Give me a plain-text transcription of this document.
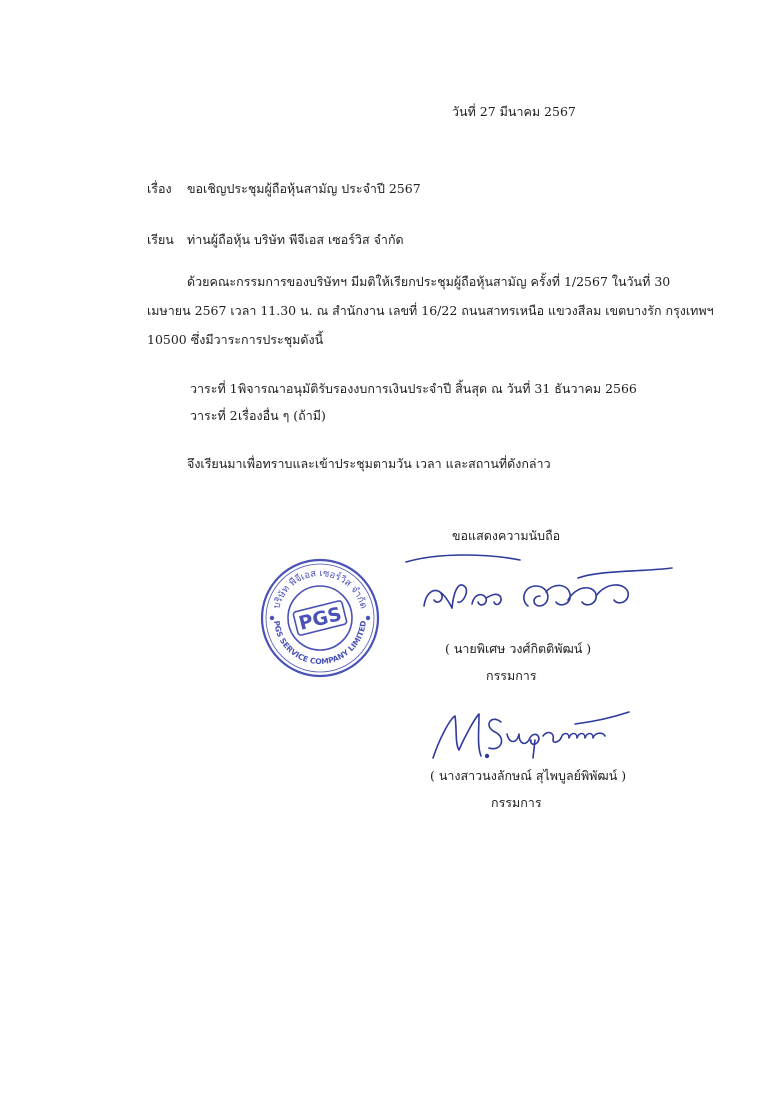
วันที่ 27 มีนาคม 2567
เรื่อง ขอเชิญประชุมผู้ถือหุ้นสามัญ ประจำปี 2567
เรียน ท่านผู้ถือหุ้น บริษัท พีจีเอส เซอร์วิส จำกัด
ด้วยคณะกรรมการของบริษัทฯ มีมติให้เรียกประชุมผู้ถือหุ้นสามัญ ครั้งที่ 1/2567 ในวันที่ 30
เมษายน 2567 เวลา 11.30 น. ณ สำนักงาน เลขที่ 16/22 ถนนสาทรเหนือ แขวงสีลม เขตบางรัก กรุงเทพฯ
10500 ซึ่งมีวาระการประชุมดังนี้
วาระที่ 1 พิจารณาอนุมัติรับรองงบการเงินประจำปี สิ้นสุด ณ วันที่ 31 ธันวาคม 2566
วาระที่ 2 เรื่องอื่น ๆ (ถ้ามี)
จึงเรียนมาเพื่อทราบและเข้าประชุมตามวัน เวลา และสถานที่ดังกล่าว
ขอแสดงความนับถือ
บริษัท พีจีเอส เซอร์วิส จำกัด
PGS SERVICE COMPANY LIMITED
PGS
( นายพิเศษ วงศ์กิตติพัฒน์ )
กรรมการ
( นางสาวนงลักษณ์ สุไพบูลย์พิพัฒน์ )
กรรมการ
